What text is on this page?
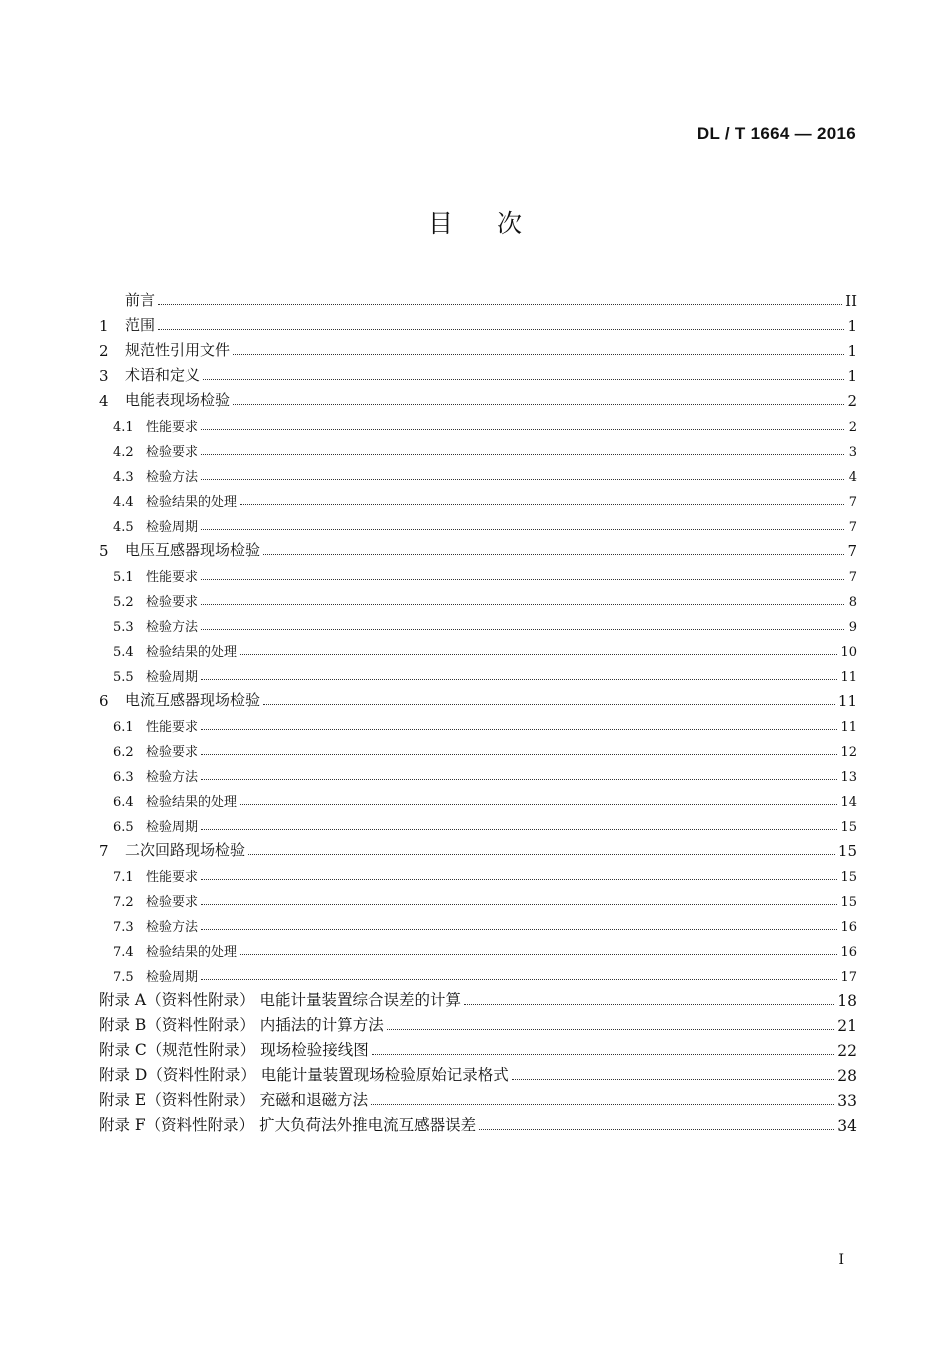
DL / T 1664 — 2016
目次
前言	II
1	范围	1
2	规范性引用文件	1
3	术语和定义	1
4	电能表现场检验	2
4.1 性能要求	2
4.2 检验要求	3
4.3 检验方法	4
4.4 检验结果的处理	7
4.5 检验周期	7
5	电压互感器现场检验	7
5.1 性能要求	7
5.2 检验要求	8
5.3 检验方法	9
5.4 检验结果的处理	10
5.5 检验周期	11
6	电流互感器现场检验	11
6.1 性能要求	11
6.2 检验要求	12
6.3 检验方法	13
6.4 检验结果的处理	14
6.5 检验周期	15
7	二次回路现场检验	15
7.1 性能要求	15
7.2 检验要求	15
7.3 检验方法	16
7.4 检验结果的处理	16
7.5 检验周期	17
附录 A（资料性附录） 电能计量装置综合误差的计算	18
附录 B（资料性附录） 内插法的计算方法	21
附录 C（规范性附录） 现场检验接线图	22
附录 D（资料性附录） 电能计量装置现场检验原始记录格式	28
附录 E（资料性附录） 充磁和退磁方法	33
附录 F（资料性附录） 扩大负荷法外推电流互感器误差	34
I
